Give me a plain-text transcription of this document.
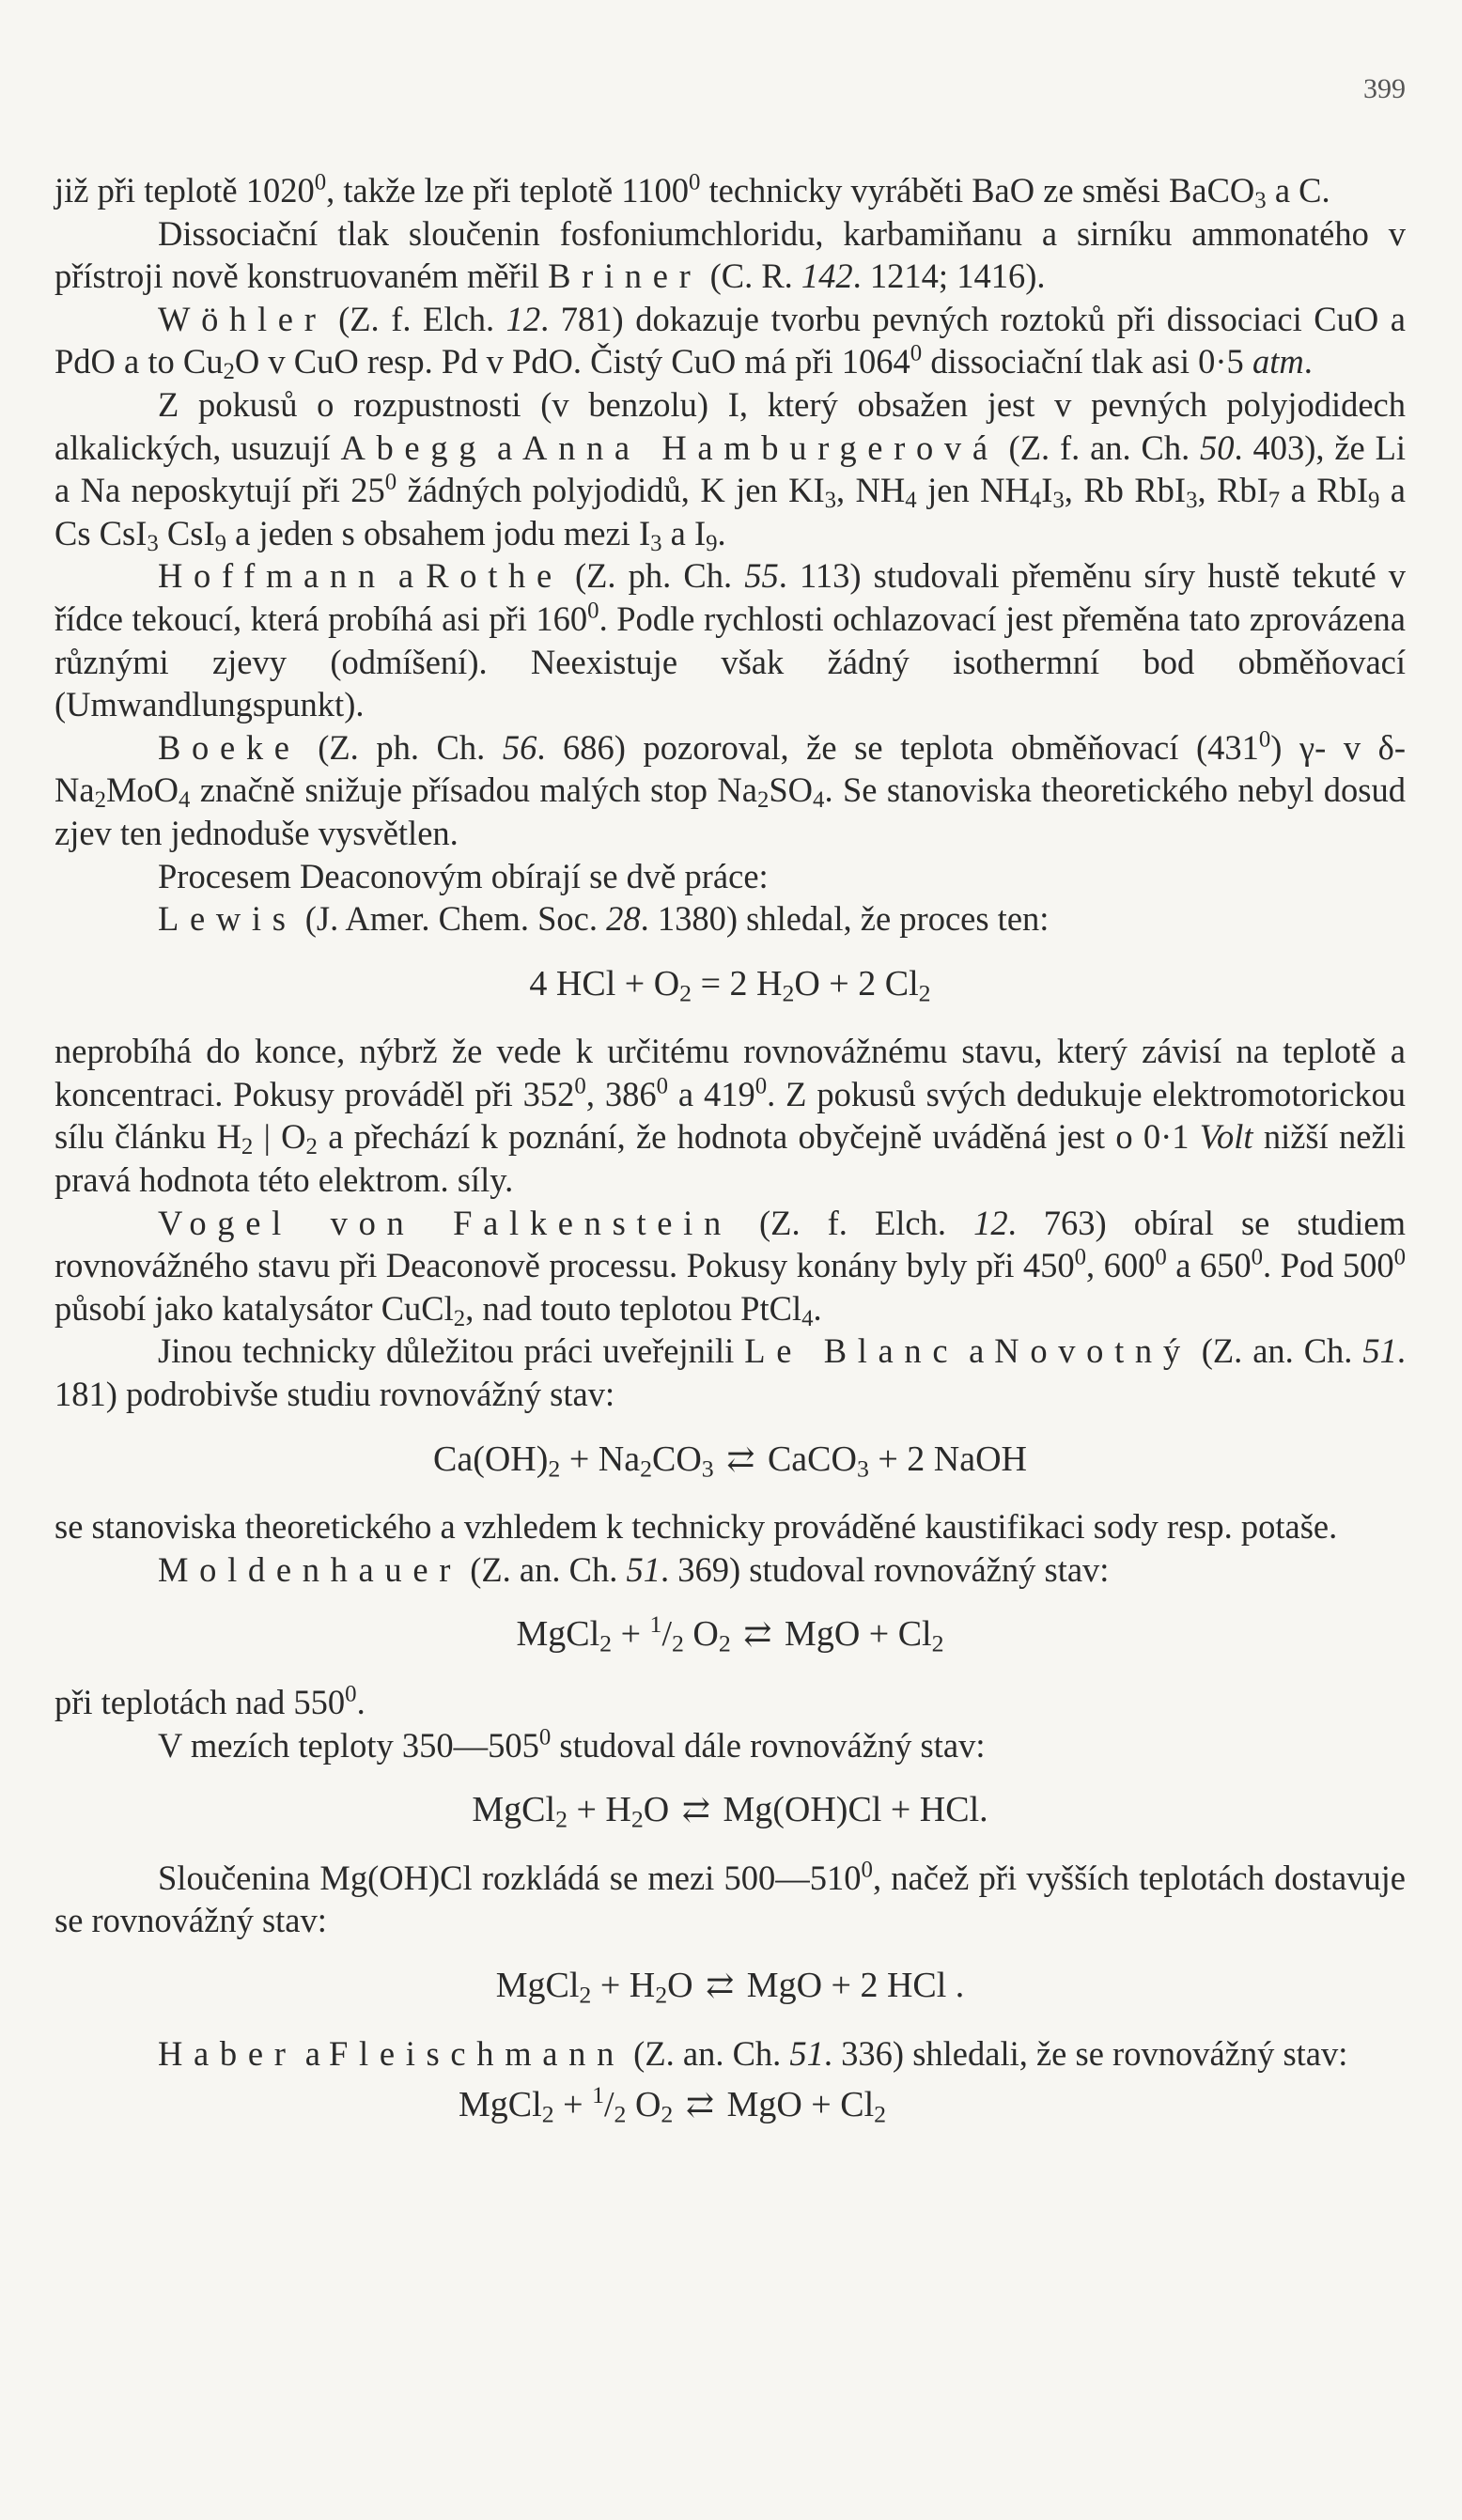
399

již při teplotě 1020$^0$, takže lze při teplotě 1100$^0$ technicky vyráběti BaO ze směsi BaCO$_3$ a C.

Dissociační tlak sloučenin fosfoniumchloridu, karbamiňanu a sirníku ammonatého v přístroji nově konstruovaném měřil Briner (C. R. 142. 1214; 1416).

Wöhler (Z. f. Elch. 12. 781) dokazuje tvorbu pevných roztoků při dissociaci CuO a PdO a to $Cu_2O$ v CuO resp. Pd v PdO. Čistý CuO má při 1064$^0$ dissociační tlak asi 0·5 atm.

Z pokusů o rozpustnosti (v benzolu) I, který obsažen jest v pevných polyjodidech alkalických, usuzují Abegg a Anna Hamburgerová (Z. f. an. Ch. 50. 403), že Li a Na neposkytují při $25^0$ žádných polyjodidů, K jen $KI_3$, $NH_4$ jen $NH_4I_3$, Rb RbI$_3$, RbI$_7$ a RbI$_9$ a Cs CsI$_3$ CsI$_9$ a jeden s obsahem jodu mezi $I_3$ a $I_9$.

Hoffmann a Rothe (Z. ph. Ch. 55. 113) studovali přeměnu síry hustě tekuté v řídce tekoucí, která probíhá asi při $160^0$. Podle rychlosti ochlazovací jest přeměna tato zprovázena různými zjevy (odmíšení). Neexistuje však žádný isothermní bod obměňovací (Umwandlungspunkt).

Boeke (Z. ph. Ch. 56. 686) pozoroval, že se teplota obměňovací $(431^0)$ γ- v $\delta-Na_2MoO_4$ značně snižuje přísadou malých stop $Na_2SO_4$. Se stanoviska theoretického nebyl dosud zjev ten jednoduše vysvětlen.

Procesem Deaconovým obírají se dvě práce:

Lewis (J. Amer. Chem. Soc. 28. 1380) shledal, že proces ten:

4 HCl + $O_2 = 2$ $H_2O + 2$ $Cl_2$

neprobíhá do konce, nýbrž že vede k určitému rovnovážnému stavu, který závisí na teplotě a koncentraci. Pokusy prováděl při $352^0$, $386^0$ a $419^0$. Z pokusů svých dedukuje elektromotorickou sílu článku $H_2$ | $O_2$ a přechází k poznání, že hodnota obyčejně uváděná jest o 0·1 Volt nižší nežli pravá hodnota této elektrom. síly.

Vogel von Falkenstein (Z. f. Elch. 12. 763) obíral se studiem rovnovážného stavu při Deaconově processu. Pokusy konány byly při $450^0$, $600^0$ a $650^0$. Pod $500^0$ působí jako katalysátor CuCl$_2$, nad touto teplotou PtCl$_4$.

Jinou technicky důležitou práci uveřejnili Le Blanc a Novotný (Z. an. Ch. 51. 181) podrobivše studiu rovnovážný stav:

$Ca(OH)_2 + Na_2CO_3$ ⇄ CaCO$_3$ + 2 NaOH

se stanoviska theoretického a vzhledem k technicky prováděné kaustifikaci sody resp. potaše.

Moldenhauer (Z. an. Ch. 51. 369) studoval rovnovážný stav:

MgCl$_2$ + $^1/_2$ $O_2$ ⇄ MgO + $Cl_2$

při teplotách nad $550^0$.

V mezích teploty $350—505^0$ studoval dále rovnovážný stav:

MgCl$_2$ + $H_2O$ ⇄ Mg(OH)Cl + HCl.

Sloučenina Mg(OH)Cl rozkládá se mezi $500—510^0$, načež při vyšších teplotách dostavuje se rovnovážný stav:

MgCl$_2$ + $H_2O$ ⇄ MgO + 2 HCl .

Haber a Fleischmann (Z. an. Ch. 51. 336) shledali, že se rovnovážný stav:

MgCl$_2$ + $^1/_2$ $O_2$ ⇄ MgO + $Cl_2$
